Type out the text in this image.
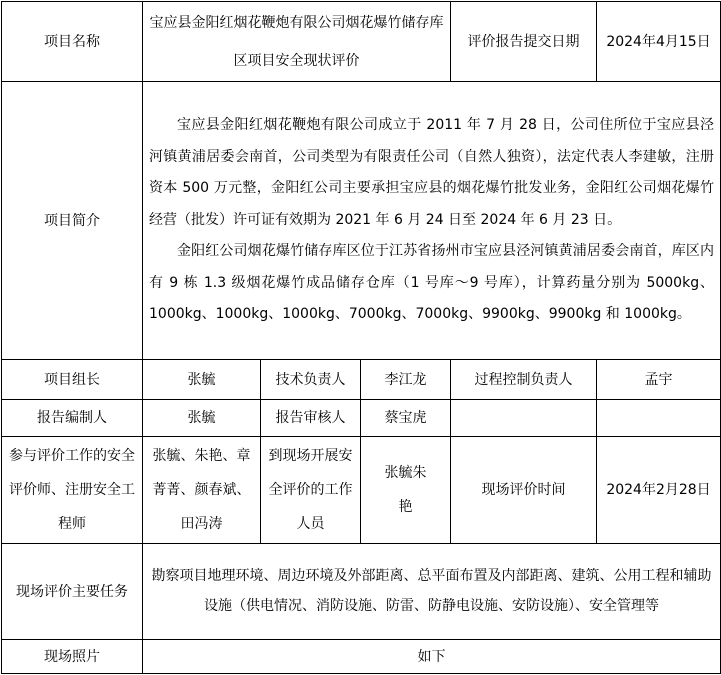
项目名称	宝应县金阳红烟花鞭炮有限公司烟花爆竹储存库区项目安全现状评价			评价报告提交日期	2024年4月15日
项目简介	宝应县金阳红烟花鞭炮有限公司成立于 2011 年 7 月 28 日，公司住所位于宝应县泾河镇黄浦居委会南首，公司类型为有限责任公司（自然人独资），法定代表人李建敏，注册资本 500 万元整，金阳红公司主要承担宝应县的烟花爆竹批发业务，金阳红公司烟花爆竹经营（批发）许可证有效期为 2021 年 6 月 24 日至 2024 年 6 月 23 日。

金阳红公司烟花爆竹储存库区位于江苏省扬州市宝应县泾河镇黄浦居委会南首，库区内有 9 栋 1.3 级烟花爆竹成品储存仓库（1 号库～9 号库），计算药量分别为 5000kg、1000kg、1000kg、1000kg、7000kg、7000kg、9900kg、9900kg 和 1000kg。				

项目组长	张毓	技术负责人	李江龙	过程控制负责人	孟宇
报告编制人	张毓	报告审核人	蔡宝虎		
参与评价工作的安全评价师、注册安全工程师	张毓、朱艳、章菁菁、颜春斌、田冯涛	到现场开展安全评价的工作人员	张毓朱艳	现场评价时间	2024年2月28日
现场评价主要任务	勘察项目地理环境、周边环境及外部距离、总平面布置及内部距离、建筑、公用工程和辅助设施（供电情况、消防设施、防雷、防静电设施、安防设施）、安全管理等				
现场照片	如下				
